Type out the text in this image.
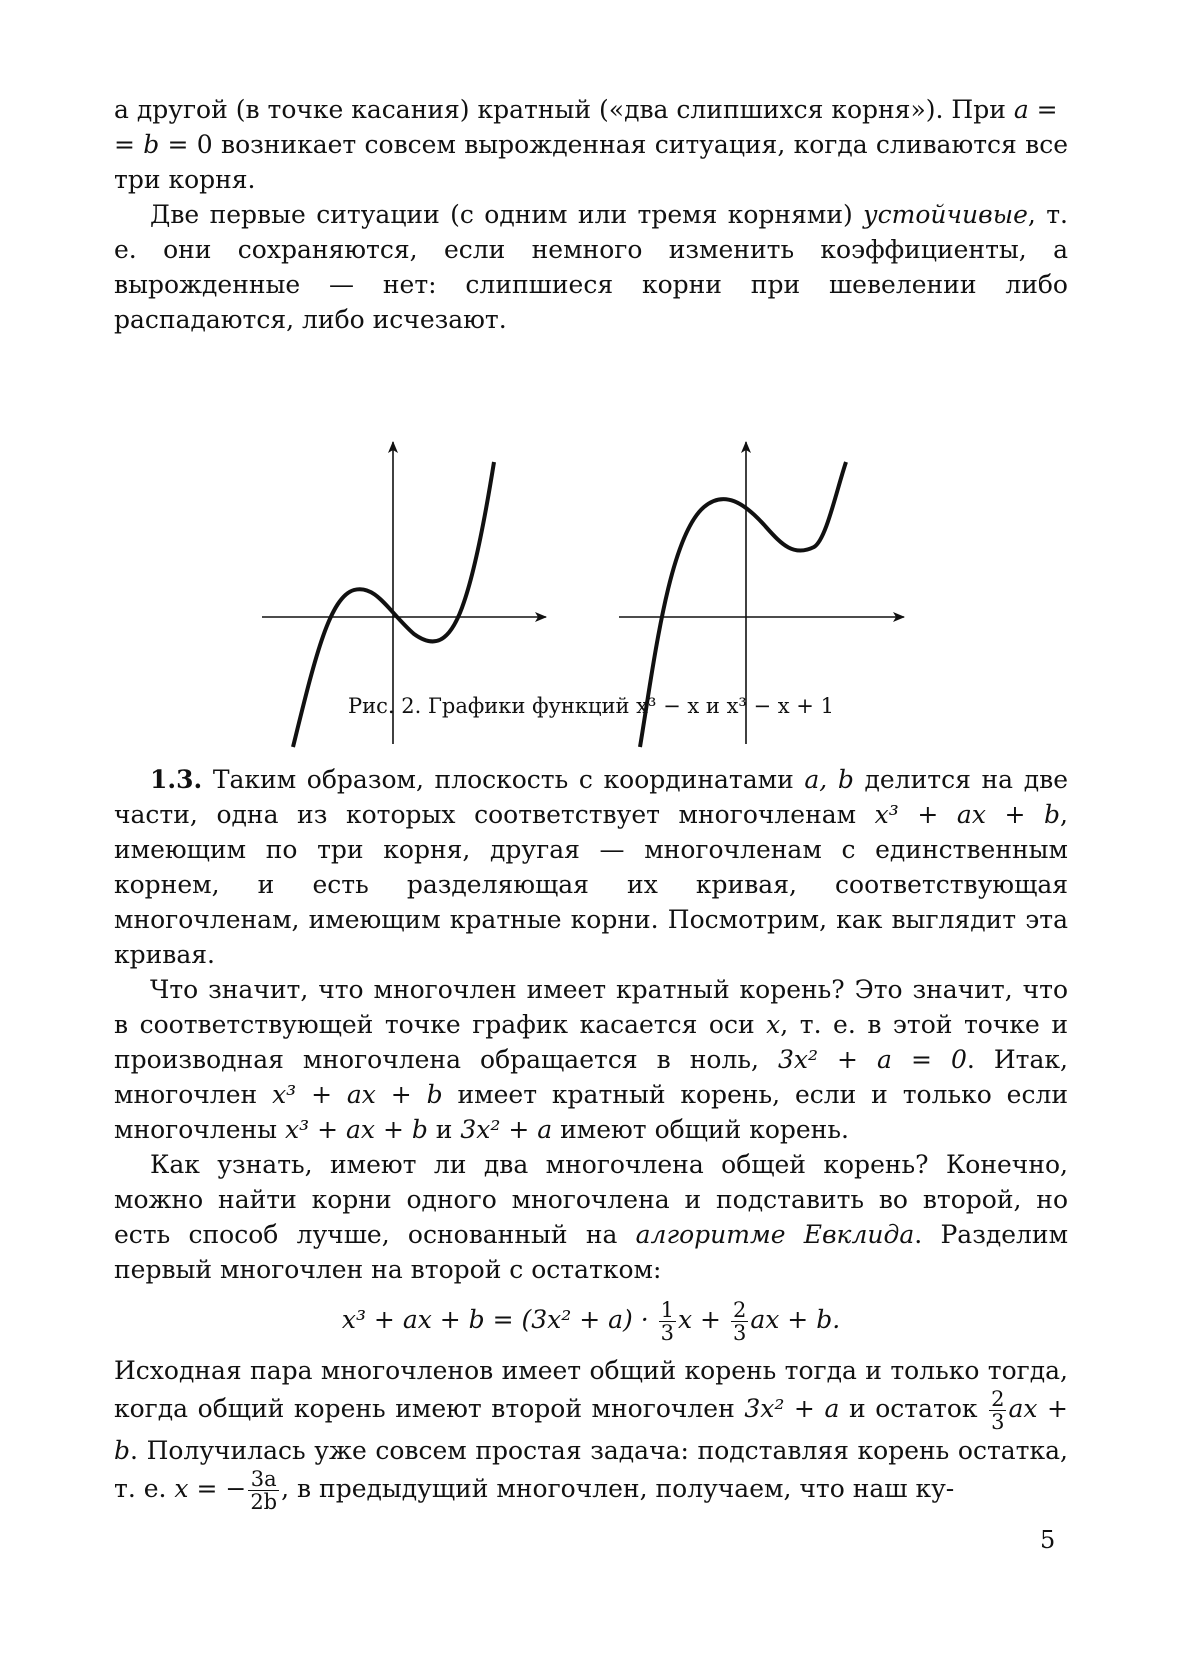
а другой (в точке касания) кратный («два слипшихся корня»). При a =
= b = 0 возникает совсем вырожденная ситуация, когда сливаются все три корня.

Две первые ситуации (с одним или тремя корнями) устойчивые, т. е. они сохраняются, если немного изменить коэффициенты, а вырожденные — нет: слипшиеся корни при шевелении либо распадаются, либо исчезают.

Рис. 2. Графики функций x³ − x и x³ − x + 1

1.3. Таким образом, плоскость с координатами a, b делится на две части, одна из которых соответствует многочленам x³ + ax + b, имеющим по три корня, другая — многочленам с единственным корнем, и есть разделяющая их кривая, соответствующая многочленам, имеющим кратные корни. Посмотрим, как выглядит эта кривая.

Что значит, что многочлен имеет кратный корень? Это значит, что в соответствующей точке график касается оси x, т. е. в этой точке и производная многочлена обращается в ноль, 3x² + a = 0. Итак, многочлен x³ + ax + b имеет кратный корень, если и только если многочлены x³ + ax + b и 3x² + a имеют общий корень.

Как узнать, имеют ли два многочлена общей корень? Конечно, можно найти корни одного многочлена и подставить во второй, но есть способ лучше, основанный на алгоритме Евклида. Разделим первый многочлен на второй с остатком:

x³ + ax + $b = (3x^2 + a) \cdot \frac{1}{3}$ $x + \frac{2}{3}$ ax + b.

Исходная пара многочленов имеет общий корень тогда и только тогда, когда общий корень имеют второй многочлен 3x² + a и остаток $\frac{2}{3}$ ax + b. Получилась уже совсем простая задача: подставляя корень остатка, т. е. x = − $\frac{3a}{2b}$ , в предыдущий многочлен, получаем, что наш ку-

5
